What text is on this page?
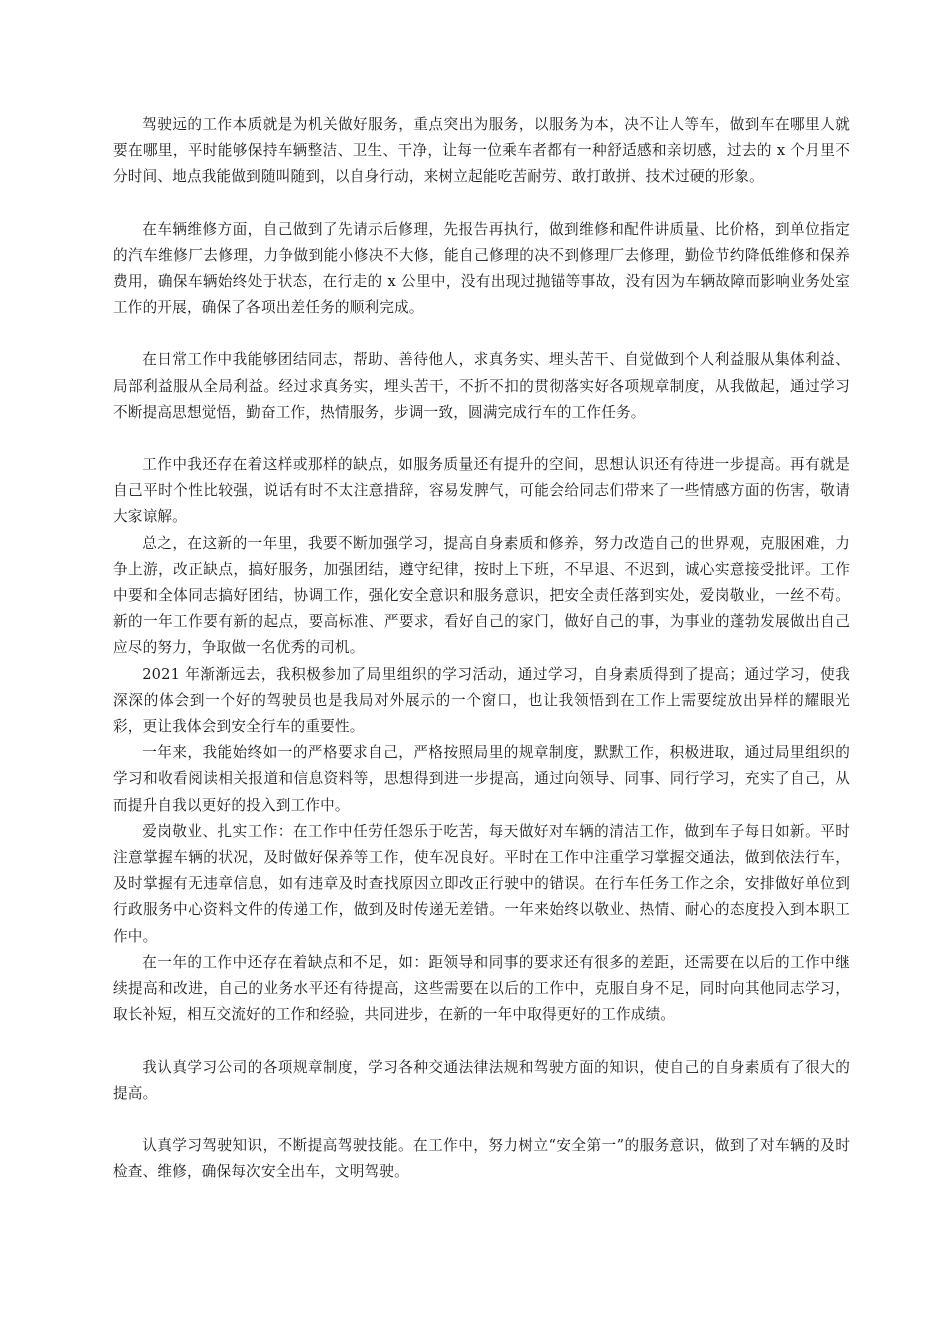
驾驶远的工作本质就是为机关做好服务，重点突出为服务，以服务为本，决不让人等车，做到车在哪里人就要在哪里，平时能够保持车辆整洁、卫生、干净，让每一位乘车者都有一种舒适感和亲切感，过去的 x 个月里不分时间、地点我能做到随叫随到，以自身行动，来树立起能吃苦耐劳、敢打敢拼、技术过硬的形象。

在车辆维修方面，自己做到了先请示后修理，先报告再执行，做到维修和配件讲质量、比价格，到单位指定的汽车维修厂去修理，力争做到能小修决不大修，能自己修理的决不到修理厂去修理，勤俭节约降低维修和保养费用，确保车辆始终处于状态，在行走的 x 公里中，没有出现过抛锚等事故，没有因为车辆故障而影响业务处室工作的开展，确保了各项出差任务的顺利完成。

在日常工作中我能够团结同志，帮助、善待他人，求真务实、埋头苦干、自觉做到个人利益服从集体利益、局部利益服从全局利益。经过求真务实，埋头苦干，不折不扣的贯彻落实好各项规章制度，从我做起，通过学习不断提高思想觉悟，勤奋工作，热情服务，步调一致，圆满完成行车的工作任务。

工作中我还存在着这样或那样的缺点，如服务质量还有提升的空间，思想认识还有待进一步提高。再有就是自己平时个性比较强，说话有时不太注意措辞，容易发脾气，可能会给同志们带来了一些情感方面的伤害，敬请大家谅解。

总之，在这新的一年里，我要不断加强学习，提高自身素质和修养，努力改造自己的世界观，克服困难，力争上游，改正缺点，搞好服务，加强团结，遵守纪律，按时上下班，不早退、不迟到，诚心实意接受批评。工作中要和全体同志搞好团结，协调工作，强化安全意识和服务意识，把安全责任落到实处，爱岗敬业，一丝不苟。新的一年工作要有新的起点，要高标准、严要求，看好自己的家门，做好自己的事，为事业的蓬勃发展做出自己应尽的努力，争取做一名优秀的司机。

2021 年渐渐远去，我积极参加了局里组织的学习活动，通过学习，自身素质得到了提高；通过学习，使我深深的体会到一个好的驾驶员也是我局对外展示的一个窗口，也让我领悟到在工作上需要绽放出异样的耀眼光彩，更让我体会到安全行车的重要性。

一年来，我能始终如一的严格要求自己，严格按照局里的规章制度，默默工作，积极进取，通过局里组织的学习和收看阅读相关报道和信息资料等，思想得到进一步提高，通过向领导、同事、同行学习，充实了自己，从而提升自我以更好的投入到工作中。

爱岗敬业、扎实工作：在工作中任劳任怨乐于吃苦，每天做好对车辆的清洁工作，做到车子每日如新。平时注意掌握车辆的状况，及时做好保养等工作，使车况良好。平时在工作中注重学习掌握交通法，做到依法行车，及时掌握有无违章信息，如有违章及时查找原因立即改正行驶中的错误。在行车任务工作之余，安排做好单位到行政服务中心资料文件的传递工作，做到及时传递无差错。一年来始终以敬业、热情、耐心的态度投入到本职工作中。

在一年的工作中还存在着缺点和不足，如：距领导和同事的要求还有很多的差距，还需要在以后的工作中继续提高和改进，自己的业务水平还有待提高，这些需要在以后的工作中，克服自身不足，同时向其他同志学习，取长补短，相互交流好的工作和经验，共同进步，在新的一年中取得更好的工作成绩。

我认真学习公司的各项规章制度，学习各种交通法律法规和驾驶方面的知识，使自己的自身素质有了很大的提高。

认真学习驾驶知识，不断提高驾驶技能。在工作中，努力树立“安全第一”的服务意识，做到了对车辆的及时检查、维修，确保每次安全出车，文明驾驶。
